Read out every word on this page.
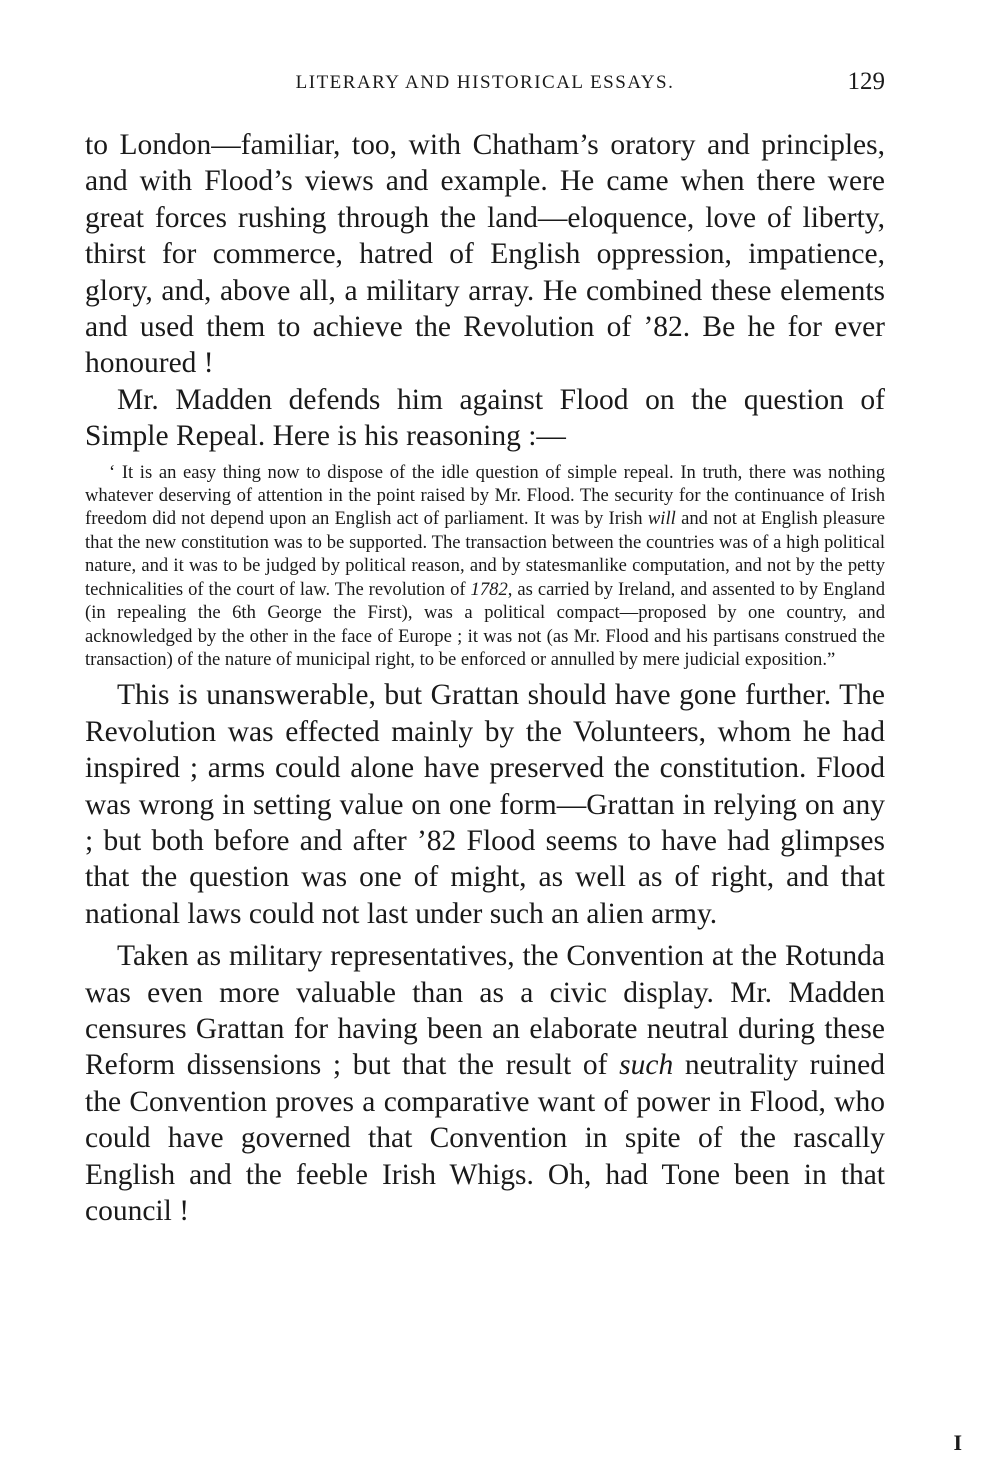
LITERARY AND HISTORICAL ESSAYS.	129

to London—familiar, too, with Chatham’s oratory and principles, and with Flood’s views and example. He came when there were great forces rushing through the land—eloquence, love of liberty, thirst for commerce, hatred of English oppression, impatience, glory, and, above all, a military array. He combined these elements and used them to achieve the Revolution of ’82. Be he for ever honoured !

Mr. Madden defends him against Flood on the question of Simple Repeal. Here is his reasoning :—

‘ It is an easy thing now to dispose of the idle question of simple repeal. In truth, there was nothing whatever deserving of attention in the point raised by Mr. Flood. The security for the continuance of Irish freedom did not depend upon an English act of parliament. It was by Irish will and not at English pleasure that the new constitution was to be supported. The transaction between the countries was of a high political nature, and it was to be judged by political reason, and by statesmanlike computation, and not by the petty technicalities of the court of law. The revolution of 1782, as carried by Ireland, and assented to by England (in repealing the 6th George the First), was a political compact—proposed by one country, and acknowledged by the other in the face of Europe ; it was not (as Mr. Flood and his partisans construed the transaction) of the nature of municipal right, to be enforced or annulled by mere judicial exposition.”

This is unanswerable, but Grattan should have gone further. The Revolution was effected mainly by the Volunteers, whom he had inspired ; arms could alone have preserved the constitution. Flood was wrong in setting value on one form—Grattan in relying on any ; but both before and after ’82 Flood seems to have had glimpses that the question was one of might, as well as of right, and that national laws could not last under such an alien army.

Taken as military representatives, the Convention at the Rotunda was even more valuable than as a civic display. Mr. Madden censures Grattan for having been an elaborate neutral during these Reform dissensions ; but that the result of such neutrality ruined the Convention proves a comparative want of power in Flood, who could have governed that Convention in spite of the rascally English and the feeble Irish Whigs. Oh, had Tone been in that council !

I
